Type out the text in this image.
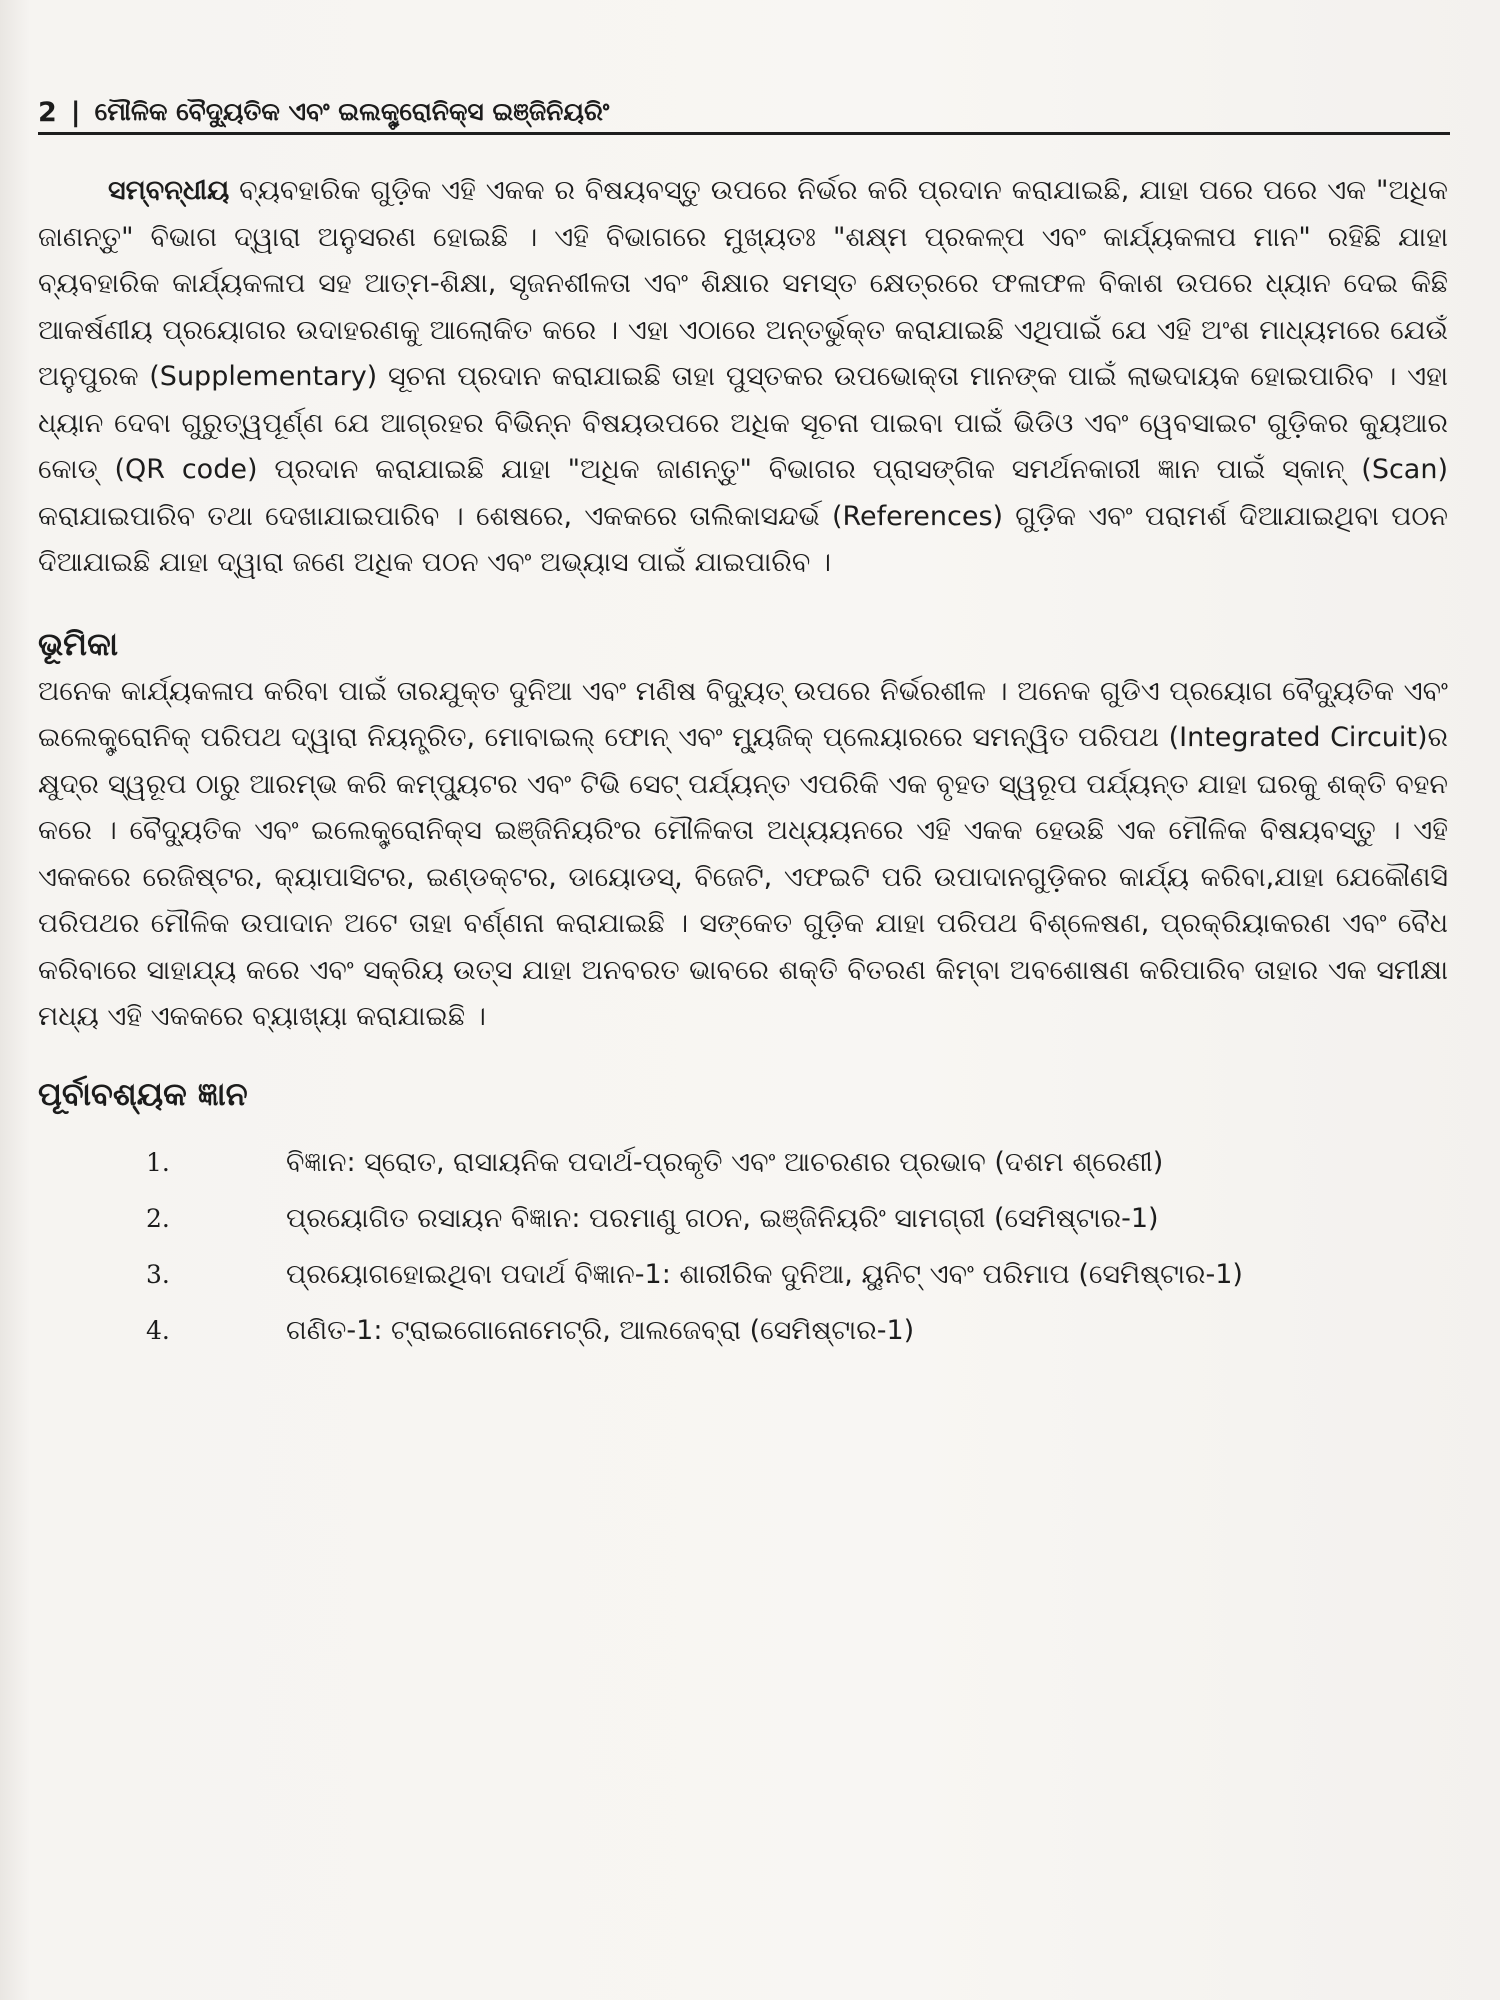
2 | ମୌଳିକ ବୈଦ୍ୟୁତିକ ଏବଂ ଇଲକ୍ଟ୍ରୋନିକ୍ସ ଇଞ୍ଜିନିୟରିଂ

ସମ୍ବନ୍ଧୀୟ ବ୍ୟବହାରିକ ଗୁଡ଼ିକ ଏହି ଏକକ ର ବିଷୟବସ୍ତୁ ଉପରେ ନିର୍ଭର କରି ପ୍ରଦାନ କରାଯାଇଛି, ଯାହା ପରେ ପରେ ଏକ "ଅଧିକ ଜାଣନ୍ତୁ" ବିଭାଗ ଦ୍ୱାରା ଅନୁସରଣ ହୋଇଛି । ଏହି ବିଭାଗରେ ମୁଖ୍ୟତଃ "ଶକ୍ଷ୍ମ ପ୍ରକଳ୍ପ ଏବଂ କାର୍ଯ୍ୟକଳାପ ମାନ" ରହିଛି ଯାହା ବ୍ୟବହାରିକ କାର୍ଯ୍ୟକଳାପ ସହ ଆତ୍ମ-ଶିକ୍ଷା, ସୃଜନଶୀଳତା ଏବଂ ଶିକ୍ଷାର ସମସ୍ତ କ୍ଷେତ୍ରରେ ଫଳାଫଳ ବିକାଶ ଉପରେ ଧ୍ୟାନ ଦେଇ କିଛି ଆକର୍ଷଣୀୟ ପ୍ରୟୋଗର ଉଦାହରଣକୁ ଆଲୋକିତ କରେ । ଏହା ଏଠାରେ ଅନ୍ତର୍ଭୁକ୍ତ କରାଯାଇଛି ଏଥିପାଇଁ ଯେ ଏହି ଅଂଶ ମାଧ୍ୟମରେ ଯେଉଁ ଅନୁପୁରକ (Supplementary) ସୂଚନା ପ୍ରଦାନ କରାଯାଇଛି ତାହା ପୁସ୍ତକର ଉପଭୋକ୍ତା ମାନଙ୍କ ପାଇଁ ଲାଭଦାୟକ ହୋଇପାରିବ । ଏହା ଧ୍ୟାନ ଦେବା ଗୁରୁତ୍ୱପୂର୍ଣ୍ଣ ଯେ ଆଗ୍ରହର ବିଭିନ୍ନ ବିଷୟଉପରେ ଅଧିକ ସୂଚନା ପାଇବା ପାଇଁ ଭିଡିଓ ଏବଂ ୱେବସାଇଟ ଗୁଡ଼ିକର କ୍ୟୁଆର କୋଡ୍ (QR code) ପ୍ରଦାନ କରାଯାଇଛି ଯାହା "ଅଧିକ ଜାଣନ୍ତୁ" ବିଭାଗର ପ୍ରାସଙ୍ଗିକ ସମର୍ଥନକାରୀ ଜ୍ଞାନ ପାଇଁ ସ୍କାନ୍ (Scan) କରାଯାଇପାରିବ ତଥା ଦେଖାଯାଇପାରିବ । ଶେଷରେ, ଏକକରେ ତାଲିକାସନ୍ଦର୍ଭ (References) ଗୁଡ଼ିକ ଏବଂ ପରାମର୍ଶ ଦିଆଯାଇଥିବା ପଠନ ଦିଆଯାଇଛି ଯାହା ଦ୍ୱାରା ଜଣେ ଅଧିକ ପଠନ ଏବଂ ଅଭ୍ୟାସ ପାଇଁ ଯାଇପାରିବ ।

ଭୂମିକା

ଅନେକ କାର୍ଯ୍ୟକଳାପ କରିବା ପାଇଁ ତାରଯୁକ୍ତ ଦୁନିଆ ଏବଂ ମଣିଷ ବିଦ୍ୟୁତ୍ ଉପରେ ନିର୍ଭରଶୀଳ । ଅନେକ ଗୁଡିଏ ପ୍ରୟୋଗ ବୈଦ୍ୟୁତିକ ଏବଂ ଇଲେକ୍ଟ୍ରୋନିକ୍ ପରିପଥ ଦ୍ୱାରା ନିୟନ୍ତ୍ରିତ, ମୋବାଇଲ୍ ଫୋନ୍ ଏବଂ ମ୍ୟୁଜିକ୍ ପ୍ଲେୟାରରେ ସମନ୍ୱିତ ପରିପଥ (Integrated Circuit)ର କ୍ଷୁଦ୍ର ସ୍ୱରୂପ ଠାରୁ ଆରମ୍ଭ କରି କମ୍ପ୍ୟୁଟର ଏବଂ ଟିଭି ସେଟ୍ ପର୍ଯ୍ୟନ୍ତ ଏପରିକି ଏକ ବୃହତ ସ୍ୱରୂପ ପର୍ଯ୍ୟନ୍ତ ଯାହା ଘରକୁ ଶକ୍ତି ବହନ କରେ । ବୈଦ୍ୟୁତିକ ଏବଂ ଇଲେକ୍ଟ୍ରୋନିକ୍ସ ଇଞ୍ଜିନିୟରିଂର ମୌଳିକତା ଅଧ୍ୟୟନରେ ଏହି ଏକକ ହେଉଛି ଏକ ମୌଳିକ ବିଷୟବସ୍ତୁ । ଏହି ଏକକରେ ରେଜିଷ୍ଟର, କ୍ୟାପାସିଟର, ଇଣ୍ଡକ୍ଟର, ଡାୟୋଡସ୍, ବିଜେଟି, ଏଫଇଟି ପରି ଉପାଦାନଗୁଡ଼ିକର କାର୍ଯ୍ୟ କରିବା,ଯାହା ଯେକୌଣସି ପରିପଥର ମୌଳିକ ଉପାଦାନ ଅଟେ ତାହା ବର୍ଣ୍ଣନା କରାଯାଇଛି । ସଙ୍କେତ ଗୁଡ଼ିକ ଯାହା ପରିପଥ ବିଶ୍ଳେଷଣ, ପ୍ରକ୍ରିୟାକରଣ ଏବଂ ବୈଧ କରିବାରେ ସାହାଯ୍ୟ କରେ ଏବଂ ସକ୍ରିୟ ଉତ୍ସ ଯାହା ଅନବରତ ଭାବରେ ଶକ୍ତି ବିତରଣ କିମ୍ବା ଅବଶୋଷଣ କରିପାରିବ ତାହାର ଏକ ସମୀକ୍ଷା ମଧ୍ୟ ଏହି ଏକକରେ ବ୍ୟାଖ୍ୟା କରାଯାଇଛି ।

ପୂର୍ବାବଶ୍ୟକ ଜ୍ଞାନ
1.	ବିଜ୍ଞାନ: ସ୍ରୋତ, ରାସାୟନିକ ପଦାର୍ଥ-ପ୍ରକୃତି ଏବଂ ଆଚରଣର ପ୍ରଭାବ (ଦଶମ ଶ୍ରେଣୀ)
2.	ପ୍ରୟୋଗିତ ରସାୟନ ବିଜ୍ଞାନ: ପରମାଣୁ ଗଠନ, ଇଞ୍ଜିନିୟରିଂ ସାମଗ୍ରୀ (ସେମିଷ୍ଟାର-1)
3.	ପ୍ରୟୋଗହୋଇଥିବା ପଦାର୍ଥ ବିଜ୍ଞାନ-1: ଶାରୀରିକ ଦୁନିଆ, ୟୁନିଟ୍ ଏବଂ ପରିମାପ (ସେମିଷ୍ଟାର-1)
4.	ଗଣିତ-1: ଟ୍ରାଇଗୋନୋମେଟ୍ରି, ଆଲଜେବ୍ରା (ସେମିଷ୍ଟାର-1)
